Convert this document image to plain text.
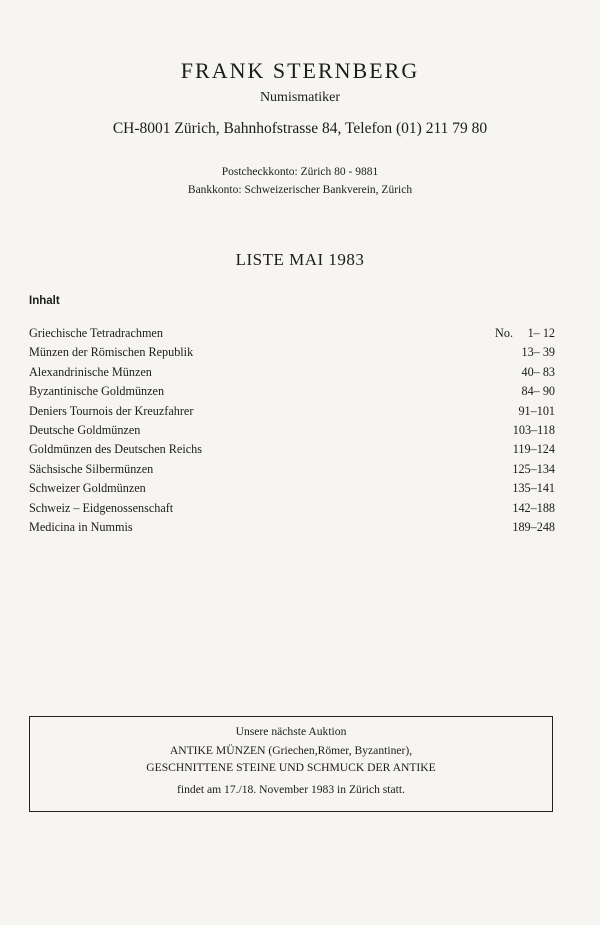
FRANK STERNBERG
Numismatiker
CH-8001 Zürich, Bahnhofstrasse 84, Telefon (01) 211 79 80
Postcheckkonto: Zürich 80 - 9881
Bankkonto: Schweizerischer Bankverein, Zürich
LISTE MAI 1983
Inhalt
Griechische Tetradrachmen	No. 1– 12
Münzen der Römischen Republik	13– 39
Alexandrinische Münzen	40– 83
Byzantinische Goldmünzen	84– 90
Deniers Tournois der Kreuzfahrer	91–101
Deutsche Goldmünzen	103–118
Goldmünzen des Deutschen Reichs	119–124
Sächsische Silbermünzen	125–134
Schweizer Goldmünzen	135–141
Schweiz – Eidgenossenschaft	142–188
Medicina in Nummis	189–248
Unsere nächste Auktion
ANTIKE MÜNZEN (Griechen,Römer, Byzantiner),
GESCHNITTENE STEINE UND SCHMUCK DER ANTIKE
findet am 17./18. November 1983 in Zürich statt.
